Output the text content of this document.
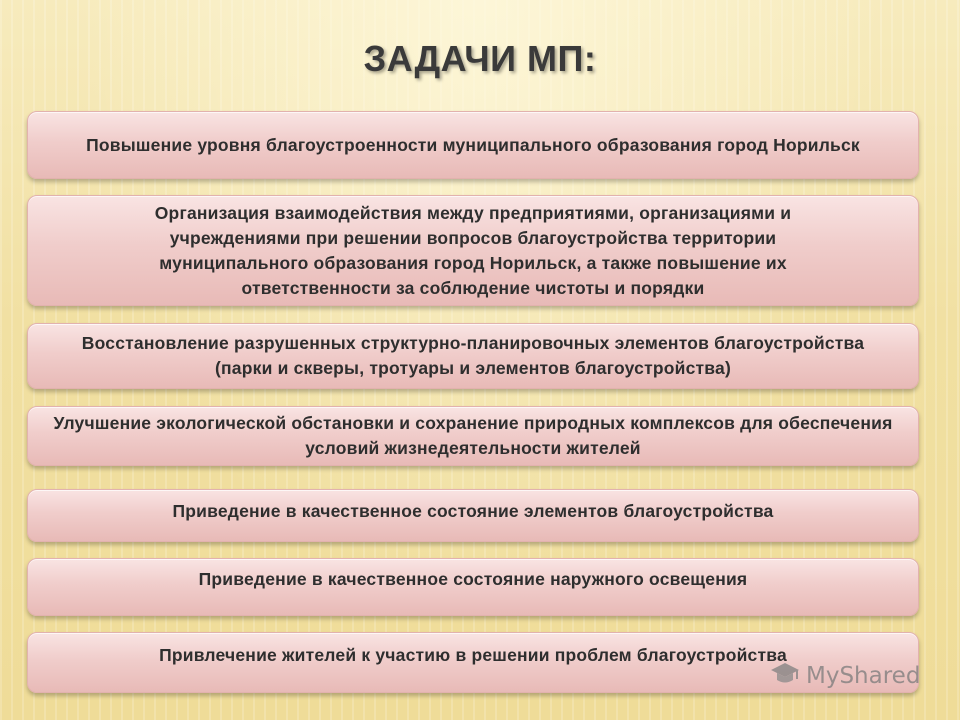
ЗАДАЧИ МП:
Повышение уровня благоустроенности муниципального образования город Норильск
Организация взаимодействия между предприятиями, организациями и учреждениями при решении вопросов благоустройства территории муниципального образования город Норильск, а также повышение их ответственности за соблюдение чистоты и порядки
Восстановление разрушенных структурно-планировочных элементов благоустройства (парки и скверы, тротуары и элементов благоустройства)
Улучшение экологической обстановки и сохранение природных комплексов для обеспечения условий жизнедеятельности жителей
Приведение в качественное состояние элементов благоустройства
Приведение в качественное состояние наружного освещения
Привлечение жителей к участию в решении проблем благоустройства
MyShared
